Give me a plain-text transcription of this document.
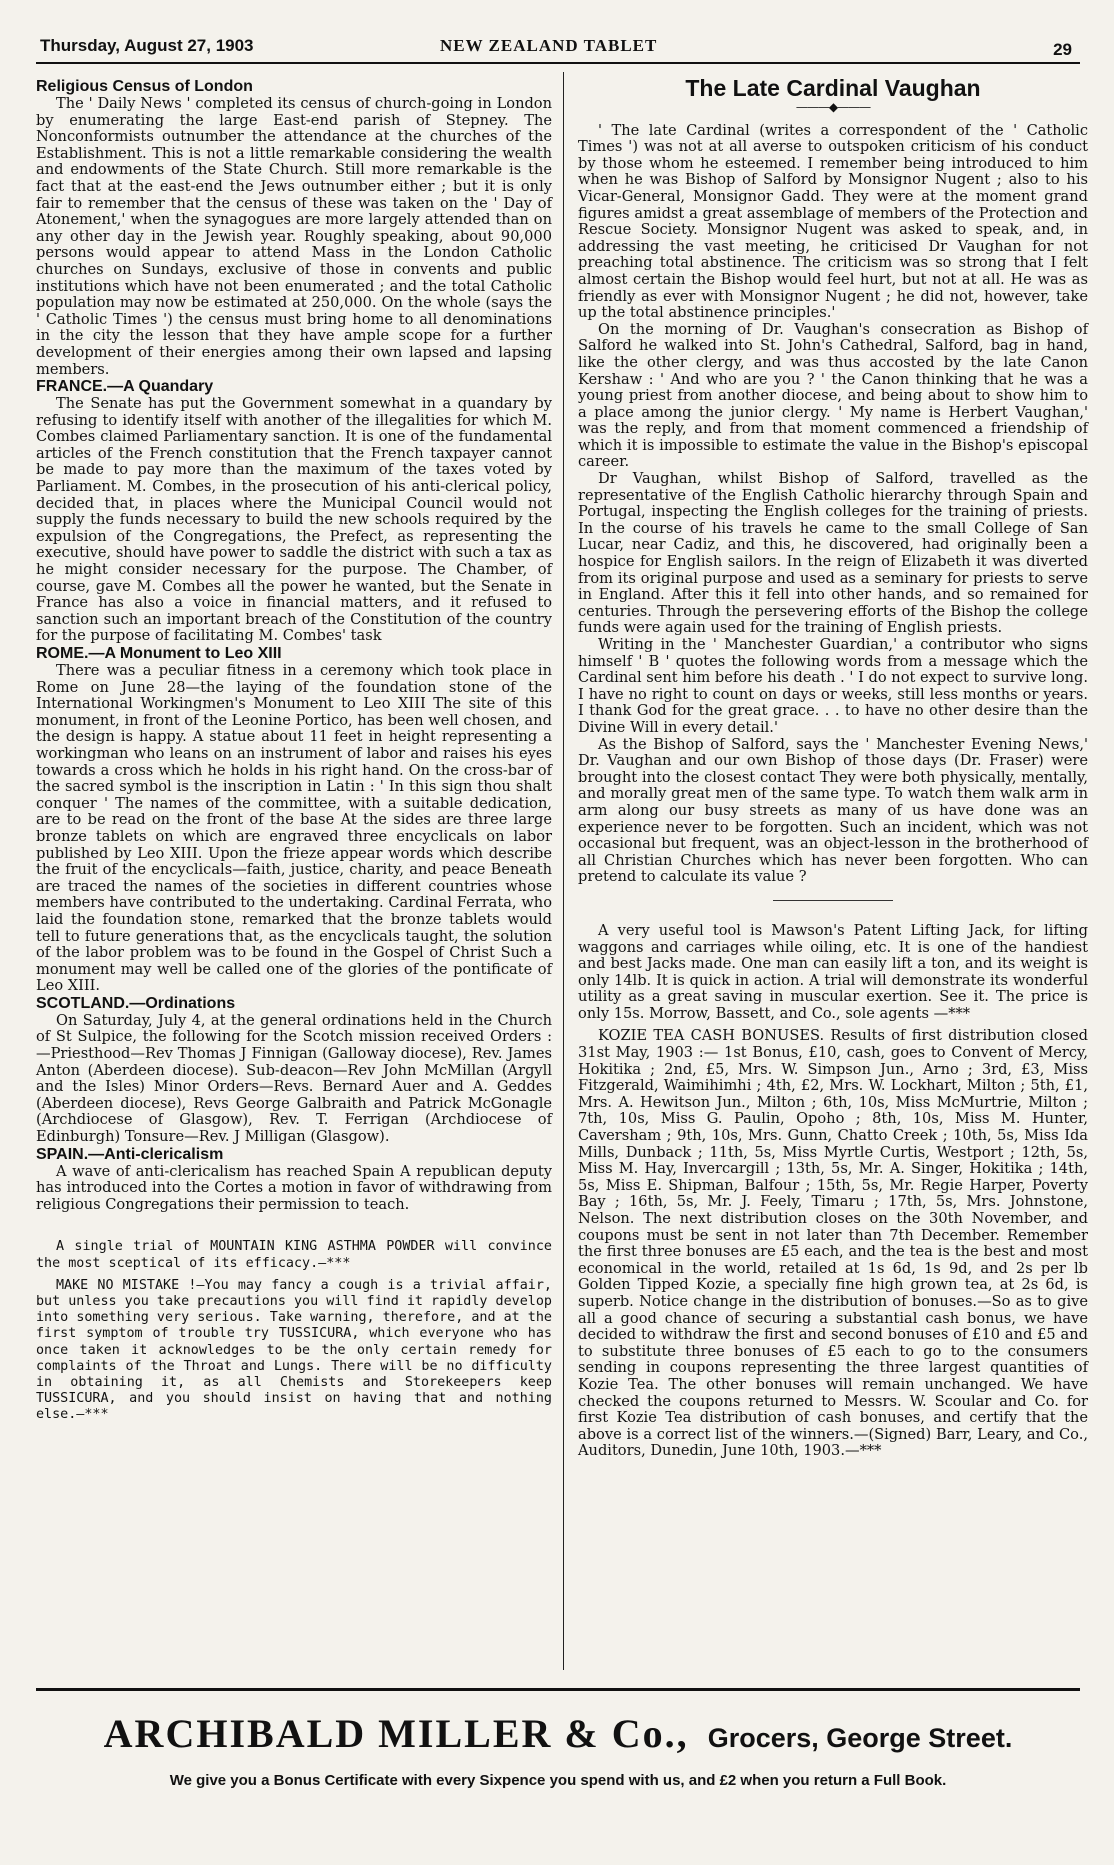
Thursday, August 27, 1903	NEW ZEALAND TABLET	29
Religious Census of London

The ' Daily News ' completed its census of church-going in London by enumerating the large East-end parish of Stepney. The Nonconformists outnumber the attendance at the churches of the Establishment. This is not a little remarkable considering the wealth and endowments of the State Church. Still more remarkable is the fact that at the east-end the Jews outnumber either ; but it is only fair to remember that the census of these was taken on the ' Day of Atonement,' when the synagogues are more largely attended than on any other day in the Jewish year. Roughly speaking, about 90,000 persons would appear to attend Mass in the London Catholic churches on Sundays, exclusive of those in convents and public institutions which have not been enumerated ; and the total Catholic population may now be estimated at 250,000. On the whole (says the ' Catholic Times ') the census must bring home to all denominations in the city the lesson that they have ample scope for a further development of their energies among their own lapsed and lapsing members.

FRANCE.—A Quandary

The Senate has put the Government somewhat in a quandary by refusing to identify itself with another of the illegalities for which M. Combes claimed Parliamentary sanction. It is one of the fundamental articles of the French constitution that the French taxpayer cannot be made to pay more than the maximum of the taxes voted by Parliament. M. Combes, in the prosecution of his anti-clerical policy, decided that, in places where the Municipal Council would not supply the funds necessary to build the new schools required by the expulsion of the Congregations, the Prefect, as representing the executive, should have power to saddle the district with such a tax as he might consider necessary for the purpose. The Chamber, of course, gave M. Combes all the power he wanted, but the Senate in France has also a voice in financial matters, and it refused to sanction such an important breach of the Constitution of the country for the purpose of facilitating M. Combes' task

ROME.—A Monument to Leo XIII

There was a peculiar fitness in a ceremony which took place in Rome on June 28—the laying of the foundation stone of the International Workingmen's Monument to Leo XIII The site of this monument, in front of the Leonine Portico, has been well chosen, and the design is happy. A statue about 11 feet in height representing a workingman who leans on an instrument of labor and raises his eyes towards a cross which he holds in his right hand. On the cross-bar of the sacred symbol is the inscription in Latin : ' In this sign thou shalt conquer ' The names of the committee, with a suitable dedication, are to be read on the front of the base At the sides are three large bronze tablets on which are engraved three encyclicals on labor published by Leo XIII. Upon the frieze appear words which describe the fruit of the encyclicals—faith, justice, charity, and peace Beneath are traced the names of the societies in different countries whose members have contributed to the undertaking. Cardinal Ferrata, who laid the foundation stone, remarked that the bronze tablets would tell to future generations that, as the encyclicals taught, the solution of the labor problem was to be found in the Gospel of Christ Such a monument may well be called one of the glories of the pontificate of Leo XIII.

SCOTLAND.—Ordinations

On Saturday, July 4, at the general ordinations held in the Church of St Sulpice, the following for the Scotch mission received Orders :—Priesthood—Rev Thomas J Finnigan (Galloway diocese), Rev. James Anton (Aberdeen diocese). Sub-deacon—Rev John McMillan (Argyll and the Isles) Minor Orders—Revs. Bernard Auer and A. Geddes (Aberdeen diocese), Revs George Galbraith and Patrick McGonagle (Archdiocese of Glasgow), Rev. T. Ferrigan (Archdiocese of Edinburgh) Tonsure—Rev. J Milligan (Glasgow).

SPAIN.—Anti-clericalism

A wave of anti-clericalism has reached Spain A republican deputy has introduced into the Cortes a motion in favor of withdrawing from religious Congregations their permission to teach.

A single trial of MOUNTAIN KING ASTHMA POWDER will convince the most sceptical of its efficacy.—***

MAKE NO MISTAKE !—You may fancy a cough is a trivial affair, but unless you take precautions you will find it rapidly develop into something very serious. Take warning, therefore, and at the first symptom of trouble try TUSSICURA, which everyone who has once taken it acknowledges to be the only certain remedy for complaints of the Throat and Lungs. There will be no difficulty in obtaining it, as all Chemists and Storekeepers keep TUSSICURA, and you should insist on having that and nothing else.—***

The Late Cardinal Vaughan
———◆———

' The late Cardinal (writes a correspondent of the ' Catholic Times ') was not at all averse to outspoken criticism of his conduct by those whom he esteemed. I remember being introduced to him when he was Bishop of Salford by Monsignor Nugent ; also to his Vicar-General, Monsignor Gadd. They were at the moment grand figures amidst a great assemblage of members of the Protection and Rescue Society. Monsignor Nugent was asked to speak, and, in addressing the vast meeting, he criticised Dr Vaughan for not preaching total abstinence. The criticism was so strong that I felt almost certain the Bishop would feel hurt, but not at all. He was as friendly as ever with Monsignor Nugent ; he did not, however, take up the total abstinence principles.'

On the morning of Dr. Vaughan's consecration as Bishop of Salford he walked into St. John's Cathedral, Salford, bag in hand, like the other clergy, and was thus accosted by the late Canon Kershaw : ' And who are you ? ' the Canon thinking that he was a young priest from another diocese, and being about to show him to a place among the junior clergy. ' My name is Herbert Vaughan,' was the reply, and from that moment commenced a friendship of which it is impossible to estimate the value in the Bishop's episcopal career.

Dr Vaughan, whilst Bishop of Salford, travelled as the representative of the English Catholic hierarchy through Spain and Portugal, inspecting the English colleges for the training of priests. In the course of his travels he came to the small College of San Lucar, near Cadiz, and this, he discovered, had originally been a hospice for English sailors. In the reign of Elizabeth it was diverted from its original purpose and used as a seminary for priests to serve in England. After this it fell into other hands, and so remained for centuries. Through the persevering efforts of the Bishop the college funds were again used for the training of English priests.

Writing in the ' Manchester Guardian,' a contributor who signs himself ' B ' quotes the following words from a message which the Cardinal sent him before his death . ' I do not expect to survive long. I have no right to count on days or weeks, still less months or years. I thank God for the great grace. . . to have no other desire than the Divine Will in every detail.'

As the Bishop of Salford, says the ' Manchester Evening News,' Dr. Vaughan and our own Bishop of those days (Dr. Fraser) were brought into the closest contact They were both physically, mentally, and morally great men of the same type. To watch them walk arm in arm along our busy streets as many of us have done was an experience never to be forgotten. Such an incident, which was not occasional but frequent, was an object-lesson in the brotherhood of all Christian Churches which has never been forgotten. Who can pretend to calculate its value ?

A very useful tool is Mawson's Patent Lifting Jack, for lifting waggons and carriages while oiling, etc. It is one of the handiest and best Jacks made. One man can easily lift a ton, and its weight is only 14lb. It is quick in action. A trial will demonstrate its wonderful utility as a great saving in muscular exertion. See it. The price is only 15s. Morrow, Bassett, and Co., sole agents —***

KOZIE TEA CASH BONUSES. Results of first distribution closed 31st May, 1903 :— 1st Bonus, £10, cash, goes to Convent of Mercy, Hokitika ; 2nd, £5, Mrs. W. Simpson Jun., Arno ; 3rd, £3, Miss Fitzgerald, Waimihimhi ; 4th, £2, Mrs. W. Lockhart, Milton ; 5th, £1, Mrs. A. Hewitson Jun., Milton ; 6th, 10s, Miss McMurtrie, Milton ; 7th, 10s, Miss G. Paulin, Opoho ; 8th, 10s, Miss M. Hunter, Caversham ; 9th, 10s, Mrs. Gunn, Chatto Creek ; 10th, 5s, Miss Ida Mills, Dunback ; 11th, 5s, Miss Myrtle Curtis, Westport ; 12th, 5s, Miss M. Hay, Invercargill ; 13th, 5s, Mr. A. Singer, Hokitika ; 14th, 5s, Miss E. Shipman, Balfour ; 15th, 5s, Mr. Regie Harper, Poverty Bay ; 16th, 5s, Mr. J. Feely, Timaru ; 17th, 5s, Mrs. Johnstone, Nelson. The next distribution closes on the 30th November, and coupons must be sent in not later than 7th December. Remember the first three bonuses are £5 each, and the tea is the best and most economical in the world, retailed at 1s 6d, 1s 9d, and 2s per lb Golden Tipped Kozie, a specially fine high grown tea, at 2s 6d, is superb. Notice change in the distribution of bonuses.—So as to give all a good chance of securing a substantial cash bonus, we have decided to withdraw the first and second bonuses of £10 and £5 and to substitute three bonuses of £5 each to go to the consumers sending in coupons representing the three largest quantities of Kozie Tea. The other bonuses will remain unchanged. We have checked the coupons returned to Messrs. W. Scoular and Co. for first Kozie Tea distribution of cash bonuses, and certify that the above is a correct list of the winners.—(Signed) Barr, Leary, and Co., Auditors, Dunedin, June 10th, 1903.—***

ARCHIBALD MILLER & Co., Grocers, George Street.
We give you a Bonus Certificate with every Sixpence you spend with us, and £2 when you return a Full Book.
